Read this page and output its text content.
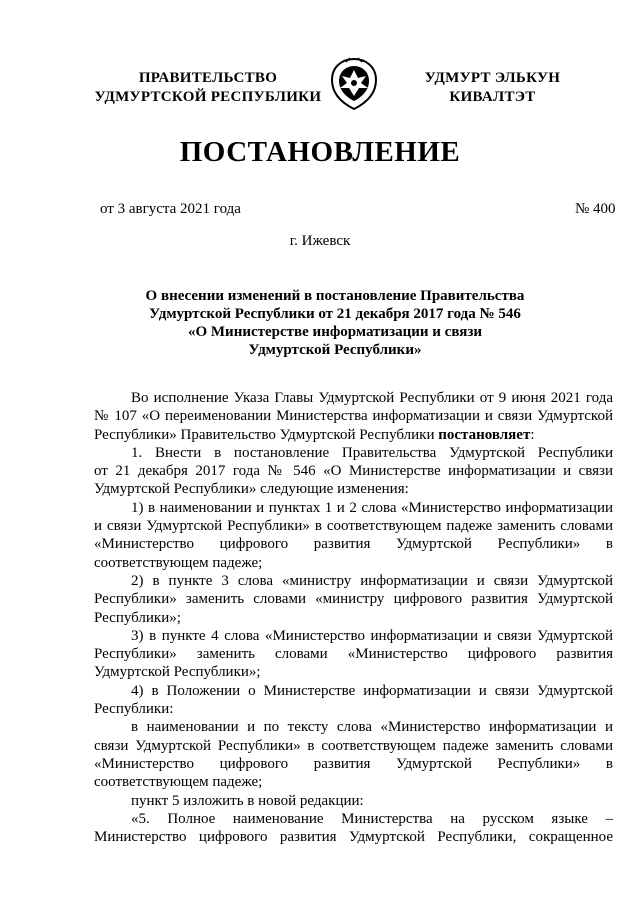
ПРАВИТЕЛЬСТВО
УДМУРТСКОЙ РЕСПУБЛИКИ
УДМУРТ ЭЛЬКУН
КИВАЛТЭТ
ПОСТАНОВЛЕНИЕ
от 3 августа 2021 года	№ 400
г. Ижевск
О внесении изменений в постановление Правительства
Удмуртской Республики от 21 декабря 2017 года № 546
«О Министерстве информатизации и связи
Удмуртской Республики»
Во исполнение Указа Главы Удмуртской Республики от 9 июня 2021 года
№ 107 «О переименовании Министерства информатизации и связи Удмуртской
Республики» Правительство Удмуртской Республики постановляет:
1. Внести в постановление Правительства Удмуртской Республики
от 21 декабря 2017 года № 546 «О Министерстве информатизации и связи
Удмуртской Республики» следующие изменения:
1) в наименовании и пунктах 1 и 2 слова «Министерство информатизации
и связи Удмуртской Республики» в соответствующем падеже заменить словами
«Министерство цифрового развития Удмуртской Республики» в
соответствующем падеже;
2) в пункте 3 слова «министру информатизации и связи Удмуртской
Республики» заменить словами «министру цифрового развития Удмуртской
Республики»;
3) в пункте 4 слова «Министерство информатизации и связи Удмуртской
Республики» заменить словами «Министерство цифрового развития
Удмуртской Республики»;
4) в Положении о Министерстве информатизации и связи Удмуртской
Республики:
в наименовании и по тексту слова «Министерство информатизации и
связи Удмуртской Республики» в соответствующем падеже заменить словами
«Министерство цифрового развития Удмуртской Республики» в
соответствующем падеже;
пункт 5 изложить в новой редакции:
«5. Полное наименование Министерства на русском языке –
Министерство цифрового развития Удмуртской Республики, сокращенное
